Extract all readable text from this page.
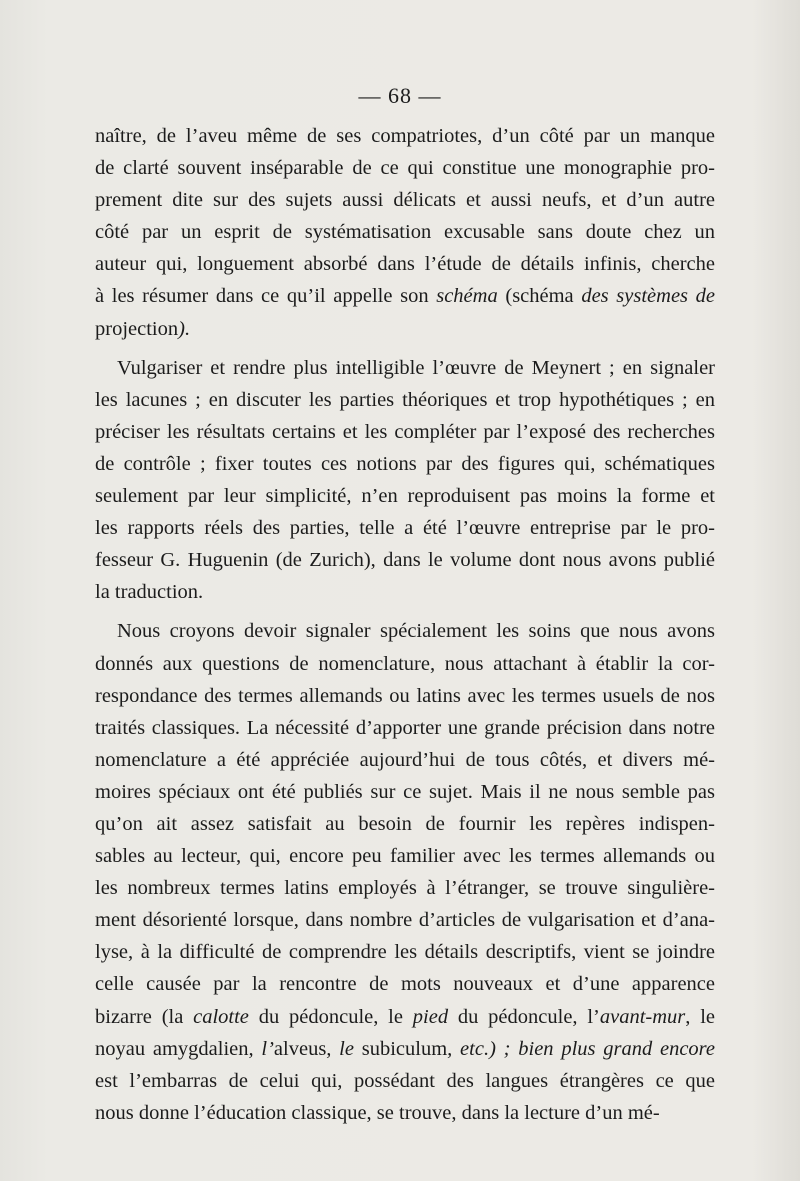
— 68 —
naître, de l’aveu même de ses compatriotes, d’un côté par un manque
de clarté souvent inséparable de ce qui constitue une monographie pro-
prement dite sur des sujets aussi délicats et aussi neufs, et d’un autre
côté par un esprit de systématisation excusable sans doute chez un
auteur qui, longuement absorbé dans l’étude de détails infinis, cherche
à les résumer dans ce qu’il appelle son schéma (schéma des systèmes de
projection).
Vulgariser et rendre plus intelligible l’œuvre de Meynert ; en signaler
les lacunes ; en discuter les parties théoriques et trop hypothétiques ; en
préciser les résultats certains et les compléter par l’exposé des recherches
de contrôle ; fixer toutes ces notions par des figures qui, schématiques
seulement par leur simplicité, n’en reproduisent pas moins la forme et
les rapports réels des parties, telle a été l’œuvre entreprise par le pro-
fesseur G. Huguenin (de Zurich), dans le volume dont nous avons publié
la traduction.
Nous croyons devoir signaler spécialement les soins que nous avons
donnés aux questions de nomenclature, nous attachant à établir la cor-
respondance des termes allemands ou latins avec les termes usuels de nos
traités classiques. La nécessité d’apporter une grande précision dans notre
nomenclature a été appréciée aujourd’hui de tous côtés, et divers mé-
moires spéciaux ont été publiés sur ce sujet. Mais il ne nous semble pas
qu’on ait assez satisfait au besoin de fournir les repères indispen-
sables au lecteur, qui, encore peu familier avec les termes allemands ou
les nombreux termes latins employés à l’étranger, se trouve singulière-
ment désorienté lorsque, dans nombre d’articles de vulgarisation et d’ana-
lyse, à la difficulté de comprendre les détails descriptifs, vient se joindre
celle causée par la rencontre de mots nouveaux et d’une apparence
bizarre (la calotte du pédoncule, le pied du pédoncule, l’avant-mur, le
noyau amygdalien, l’alveus, le subiculum, etc.) ; bien plus grand encore
est l’embarras de celui qui, possédant des langues étrangères ce que
nous donne l’éducation classique, se trouve, dans la lecture d’un mé-
